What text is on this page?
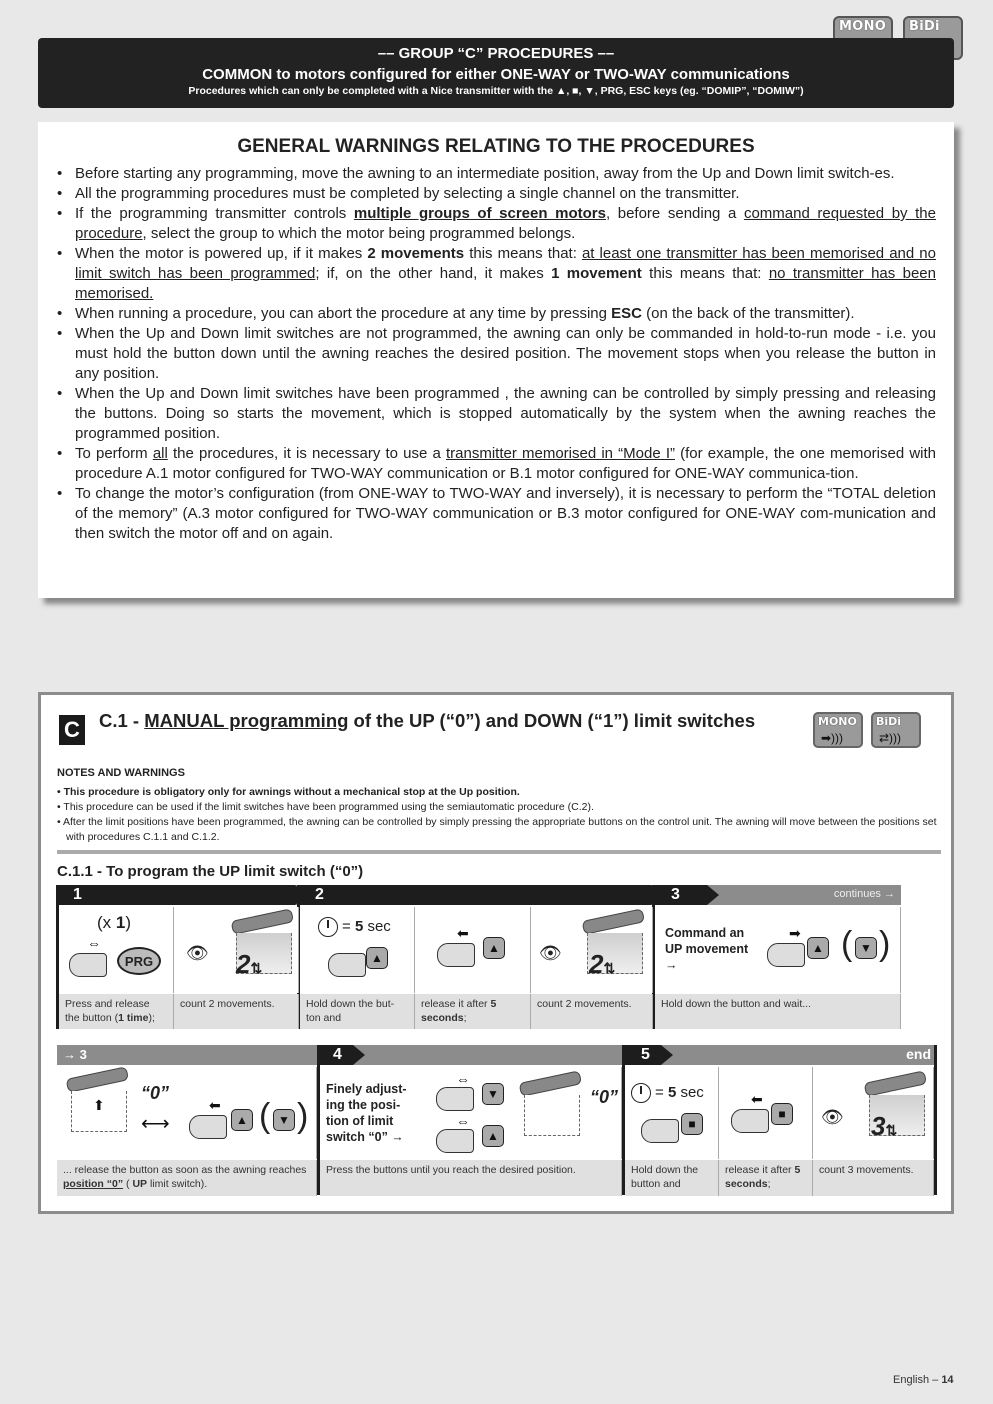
MONO	BiDi
–– GROUP “C” PROCEDURES ––
COMMON to motors configured for either ONE-WAY or TWO-WAY communications
Procedures which can only be completed with a Nice transmitter with the ▲, ■, ▼, PRG, ESC keys (eg. “DOMIP”, “DOMIW”)
GENERAL WARNINGS RELATING TO THE PROCEDURES
• Before starting any programming, move the awning to an intermediate position, away from the Up and Down limit switch-es.
• All the programming procedures must be completed by selecting a single channel on the transmitter.
• If the programming transmitter controls multiple groups of screen motors, before sending a command requested by the procedure, select the group to which the motor being programmed belongs.
• When the motor is powered up, if it makes 2 movements this means that: at least one transmitter has been memorised and no limit switch has been programmed; if, on the other hand, it makes 1 movement this means that: no transmitter has been memorised.
• When running a procedure, you can abort the procedure at any time by pressing ESC (on the back of the transmitter).
• When the Up and Down limit switches are not programmed, the awning can only be commanded in hold-to-run mode - i.e. you must hold the button down until the awning reaches the desired position. The movement stops when you release the button in any position.
• When the Up and Down limit switches have been programmed , the awning can be controlled by simply pressing and releasing the buttons. Doing so starts the movement, which is stopped automatically by the system when the awning reaches the programmed position.
• To perform all the procedures, it is necessary to use a transmitter memorised in “Mode I” (for example, the one memorised with procedure A.1 motor configured for TWO-WAY communication or B.1 motor configured for ONE-WAY communica-tion.
• To change the motor’s configuration (from ONE-WAY to TWO-WAY and inversely), it is necessary to perform the “TOTAL deletion of the memory” (A.3 motor configured for TWO-WAY communication or B.3 motor configured for ONE-WAY com-munication and then switch the motor off and on again.
C C.1 - MANUAL programming of the UP (“0”) and DOWN (“1”) limit switches	MONO
➡)))
BiDi
⇄)))
NOTES AND WARNINGS
• This procedure is obligatory only for awnings without a mechanical stop at the Up position.
• This procedure can be used if the limit switches have been programmed using the semiautomatic procedure (C.2).
• After the limit positions have been programmed, the awning can be controlled by simply pressing the appropriate buttons on the control unit. The awning will move between the positions set with procedures C.1.1 and C.1.2.
C.1.1 - To program the UP limit switch (“0”)
1	2	3	continues →
(x 1)
⇔
PRG	👁 2⇅
= 5 sec
▲
⬅
▲ 👁 2⇅
Command an UP movement →
➡
▲ ( ▼ )
Press and release the button (1 time);
count 2 movements.	Hold down the but-ton and
release it after 5 seconds;
count 2 movements.	Hold down the button and wait...
→ 3	4	5	end
⬆
“0”
⟷
⬅
▲ ( ▼ )
Finely adjust-ing the posi-tion of limit switch “0” →
⇔
▼
⇔
▲
“0” = 5 sec
■
⬅
■	👁 3⇅
... release the button as soon as the awning reaches position “0” ( UP limit switch).
Press the buttons until you reach the desired position.	Hold down the button and
release it after 5 seconds;
count 3 movements.
English – 14
